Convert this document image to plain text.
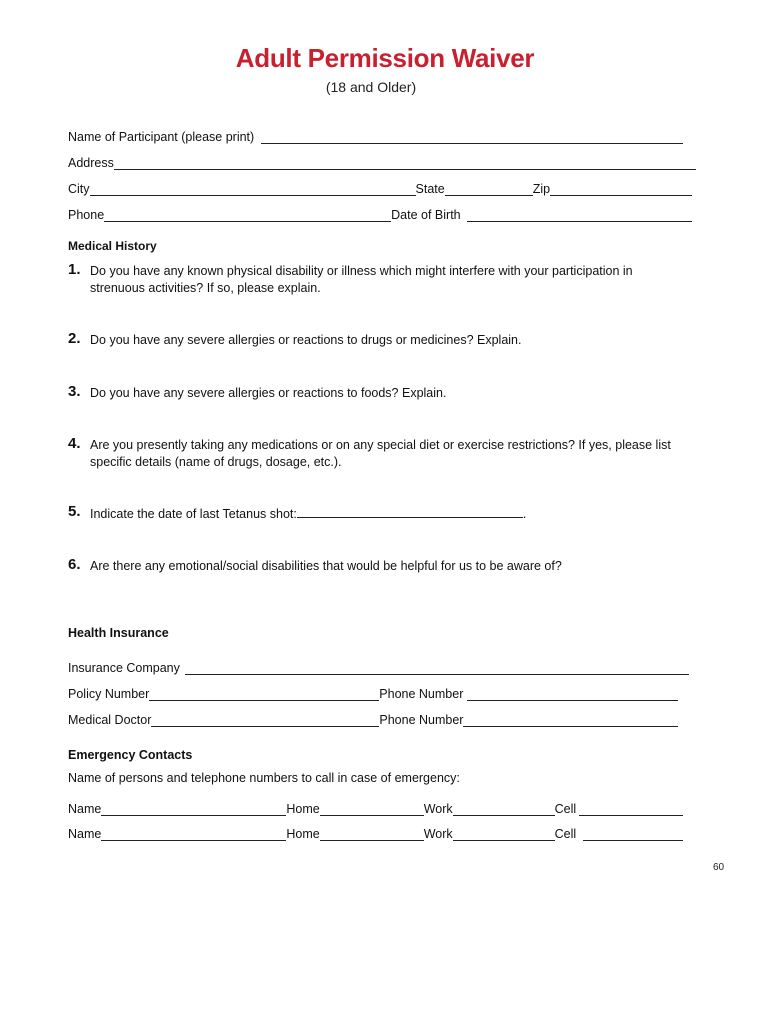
Adult Permission Waiver
(18 and Older)
Name of Participant (please print)
Address
City	State	Zip
Phone	Date of Birth
Medical History
1. Do you have any known physical disability or illness which might interfere with your participation in strenuous activities? If so, please explain.
2. Do you have any severe allergies or reactions to drugs or medicines? Explain.
3. Do you have any severe allergies or reactions to foods? Explain.
4. Are you presently taking any medications or on any special diet or exercise restrictions? If yes, please list specific details (name of drugs, dosage, etc.).
5. Indicate the date of last Tetanus shot:	.
6. Are there any emotional/social disabilities that would be helpful for us to be aware of?
Health Insurance
Insurance Company
Policy Number	Phone Number
Medical Doctor	Phone Number
Emergency Contacts
Name of persons and telephone numbers to call in case of emergency:
Name	Home	Work	Cell
Name	Home	Work	Cell
60
